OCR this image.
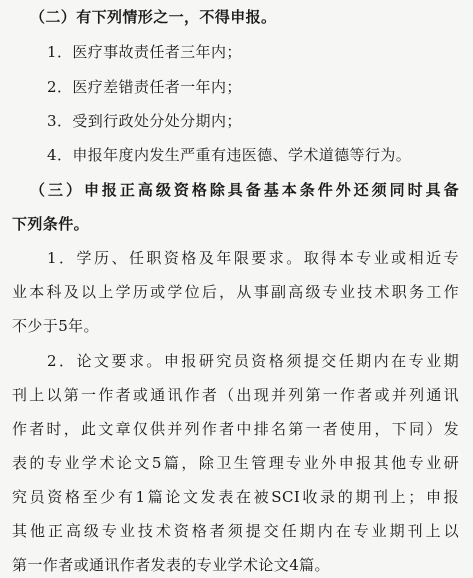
（二）有下列情形之一，不得申报。
1．医疗事故责任者三年内；
2．医疗差错责任者一年内；
3．受到行政处分处分期内；
4．申报年度内发生严重有违医德、学术道德等行为。
（三）申报正高级资格除具备基本条件外还须同时具备
下列条件。
1．学历、任职资格及年限要求。取得本专业或相近专
业本科及以上学历或学位后，从事副高级专业技术职务工作
不少于5年。
2．论文要求。申报研究员资格须提交任期内在专业期
刊上以第一作者或通讯作者（出现并列第一作者或并列通讯
作者时，此文章仅供并列作者中排名第一者使用，下同）发
表的专业学术论文5篇，除卫生管理专业外申报其他专业研
究员资格至少有1篇论文发表在被SCI收录的期刊上；申报
其他正高级专业技术资格者须提交任期内在专业期刊上以
第一作者或通讯作者发表的专业学术论文4篇。
